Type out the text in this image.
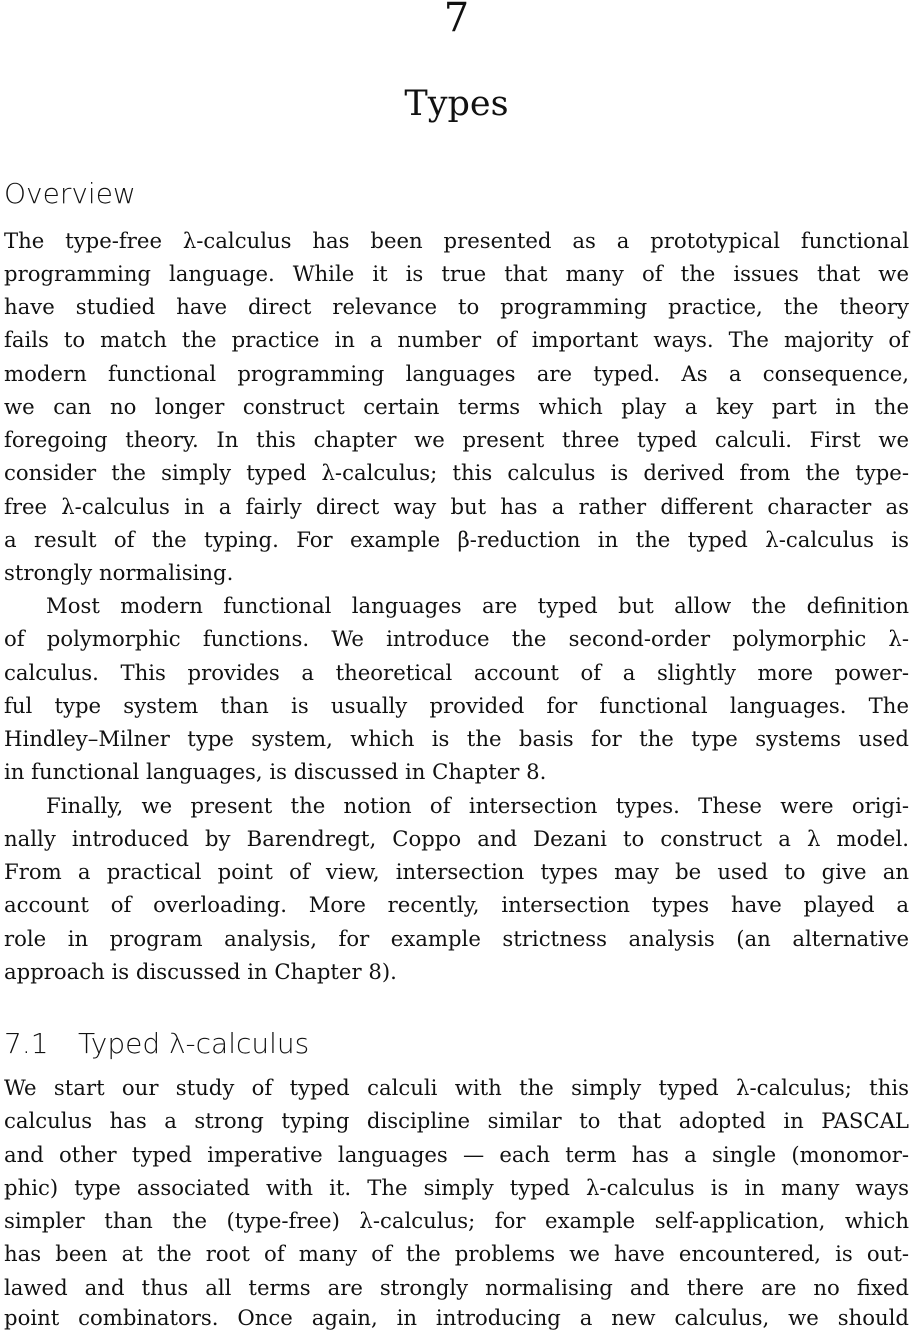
7
Types
Overview
The type-free λ-calculus has been presented as a prototypical functional
programming language. While it is true that many of the issues that we
have studied have direct relevance to programming practice, the theory
fails to match the practice in a number of important ways. The majority of
modern functional programming languages are typed. As a consequence,
we can no longer construct certain terms which play a key part in the
foregoing theory. In this chapter we present three typed calculi. First we
consider the simply typed λ-calculus; this calculus is derived from the type-
free λ-calculus in a fairly direct way but has a rather different character as
a result of the typing. For example β-reduction in the typed λ-calculus is
strongly normalising.
Most modern functional languages are typed but allow the definition
of polymorphic functions. We introduce the second-order polymorphic λ-
calculus. This provides a theoretical account of a slightly more power-
ful type system than is usually provided for functional languages. The
Hindley–Milner type system, which is the basis for the type systems used
in functional languages, is discussed in Chapter 8.
Finally, we present the notion of intersection types. These were origi-
nally introduced by Barendregt, Coppo and Dezani to construct a λ model.
From a practical point of view, intersection types may be used to give an
account of overloading. More recently, intersection types have played a
role in program analysis, for example strictness analysis (an alternative
approach is discussed in Chapter 8).
7.1 Typed λ-calculus
We start our study of typed calculi with the simply typed λ-calculus; this
calculus has a strong typing discipline similar to that adopted in PASCAL
and other typed imperative languages — each term has a single (monomor-
phic) type associated with it. The simply typed λ-calculus is in many ways
simpler than the (type-free) λ-calculus; for example self-application, which
has been at the root of many of the problems we have encountered, is out-
lawed and thus all terms are strongly normalising and there are no fixed
point combinators. Once again, in introducing a new calculus, we should
